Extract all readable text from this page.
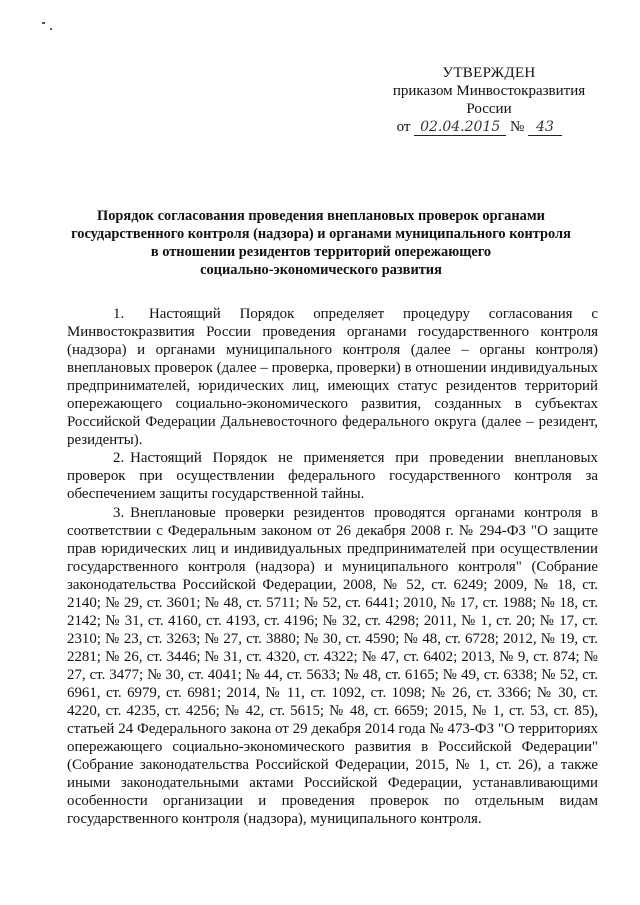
УТВЕРЖДЕН
приказом Минвостокразвития
России
от 02.04.2015 № 43
Порядок согласования проведения внеплановых проверок органами
государственного контроля (надзора) и органами муниципального контроля
в отношении резидентов территорий опережающего
социально-экономического развития

1. Настоящий Порядок определяет процедуру согласования с Минвостокразвития России проведения органами государственного контроля (надзора) и органами муниципального контроля (далее – органы контроля) внеплановых проверок (далее – проверка, проверки) в отношении индивидуальных предпринимателей, юридических лиц, имеющих статус резидентов территорий опережающего социально-экономического развития, созданных в субъектах Российской Федерации Дальневосточного федерального округа (далее – резидент, резиденты).

2. Настоящий Порядок не применяется при проведении внеплановых проверок при осуществлении федерального государственного контроля за обеспечением защиты государственной тайны.

3. Внеплановые проверки резидентов проводятся органами контроля в соответствии с Федеральным законом от 26 декабря 2008 г. № 294-ФЗ "О защите прав юридических лиц и индивидуальных предпринимателей при осуществлении государственного контроля (надзора) и муниципального контроля" (Собрание законодательства Российской Федерации, 2008, № 52, ст. 6249; 2009, № 18, ст. 2140; № 29, ст. 3601; № 48, ст. 5711; № 52, ст. 6441; 2010, № 17, ст. 1988; № 18, ст. 2142; № 31, ст. 4160, ст. 4193, ст. 4196; № 32, ст. 4298; 2011, № 1, ст. 20; № 17, ст. 2310; № 23, ст. 3263; № 27, ст. 3880; № 30, ст. 4590; № 48, ст. 6728; 2012, № 19, ст. 2281; № 26, ст. 3446; № 31, ст. 4320, ст. 4322; № 47, ст. 6402; 2013, № 9, ст. 874; № 27, ст. 3477; № 30, ст. 4041; № 44, ст. 5633; № 48, ст. 6165; № 49, ст. 6338; № 52, ст. 6961, ст. 6979, ст. 6981; 2014, № 11, ст. 1092, ст. 1098; № 26, ст. 3366; № 30, ст. 4220, ст. 4235, ст. 4256; № 42, ст. 5615; № 48, ст. 6659; 2015, № 1, ст. 53, ст. 85), статьей 24 Федерального закона от 29 декабря 2014 года № 473-ФЗ "О территориях опережающего социально-экономического развития в Российской Федерации" (Собрание законодательства Российской Федерации, 2015, № 1, ст. 26), а также иными законодательными актами Российской Федерации, устанавливающими особенности организации и проведения проверок по отдельным видам государственного контроля (надзора), муниципального контроля.
